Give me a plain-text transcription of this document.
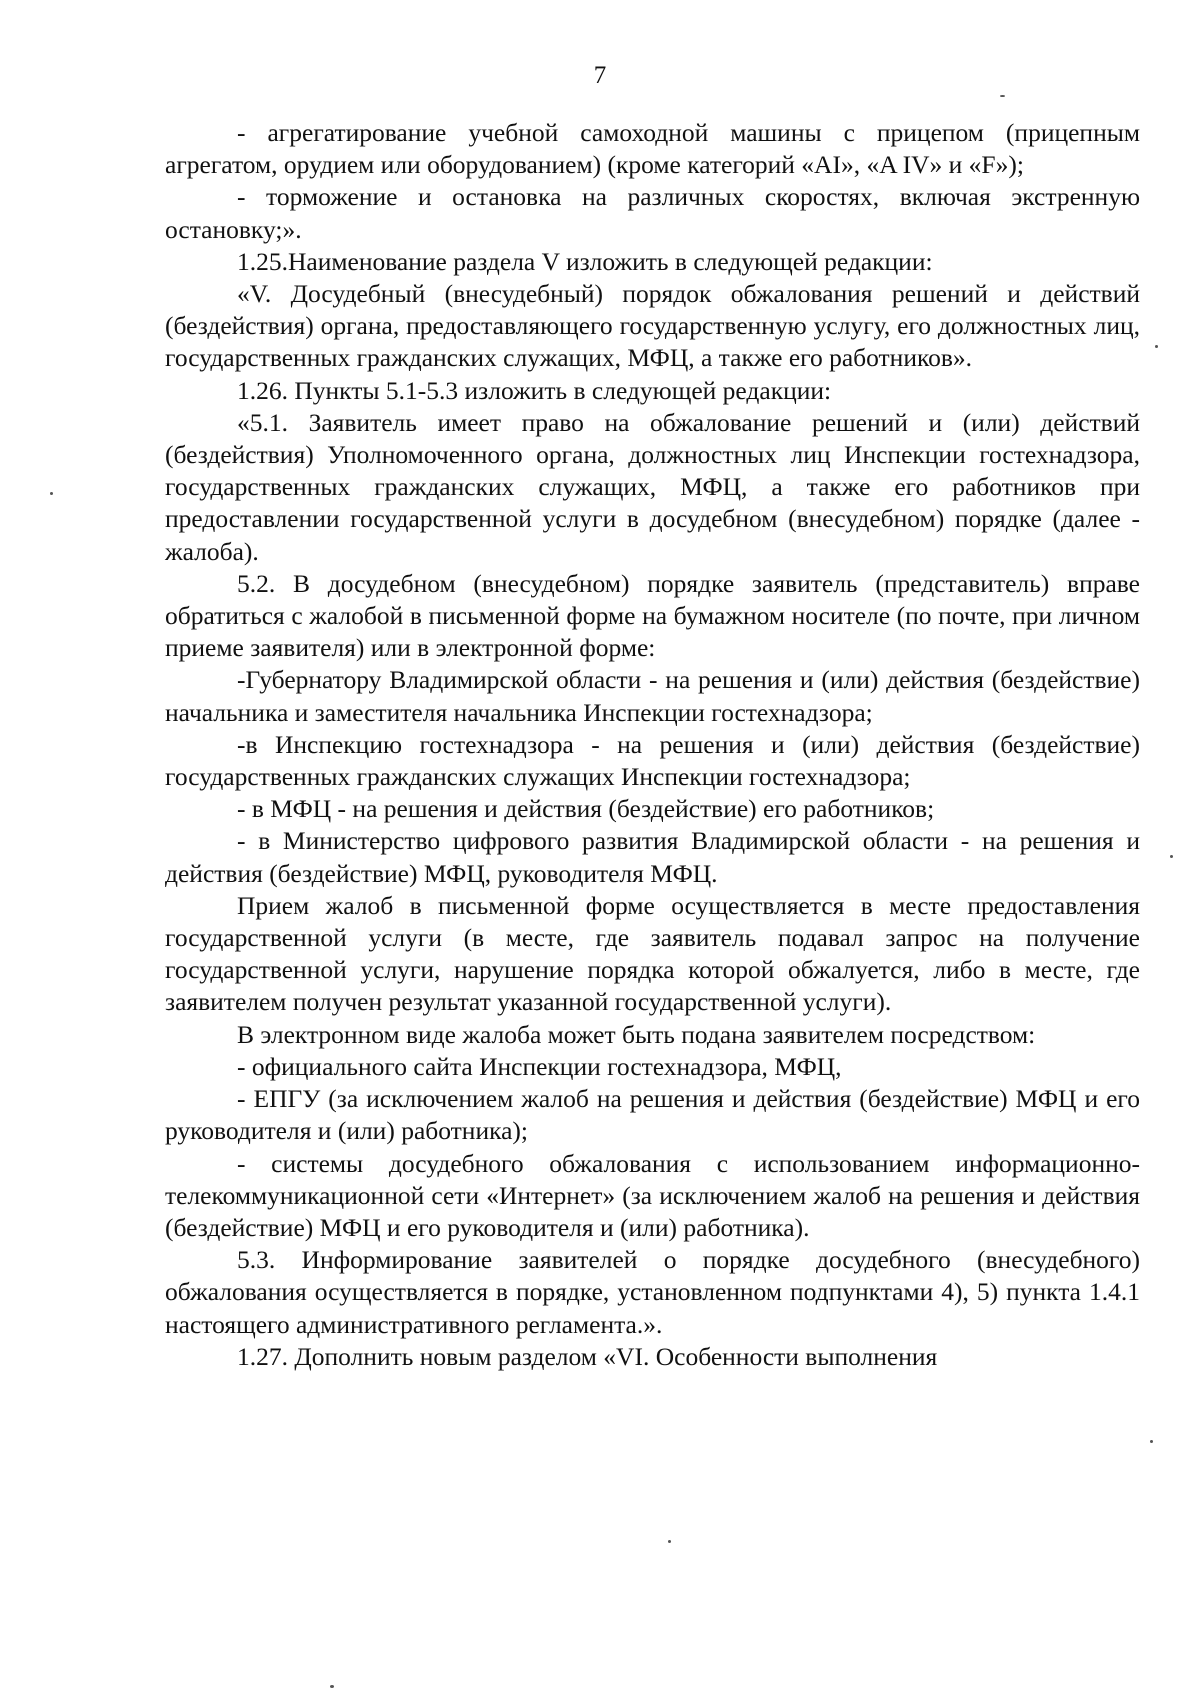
7

- агрегатирование учебной самоходной машины с прицепом (прицепным агрегатом, орудием или оборудованием) (кроме категорий «AI», «A IV» и «F»);

- торможение и остановка на различных скоростях, включая экстренную остановку;».

1.25.Наименование раздела V изложить в следующей редакции:

«V. Досудебный (внесудебный) порядок обжалования решений и действий (бездействия) органа, предоставляющего государственную услугу, его должностных лиц, государственных гражданских служащих, МФЦ, а также его работников».

1.26. Пункты 5.1-5.3 изложить в следующей редакции:

«5.1. Заявитель имеет право на обжалование решений и (или) действий (бездействия) Уполномоченного органа, должностных лиц Инспекции гостехнадзора, государственных гражданских служащих, МФЦ, а также его работников при предоставлении государственной услуги в досудебном (внесудебном) порядке (далее - жалоба).

5.2. В досудебном (внесудебном) порядке заявитель (представитель) вправе обратиться с жалобой в письменной форме на бумажном носителе (по почте, при личном приеме заявителя) или в электронной форме:

-Губернатору Владимирской области - на решения и (или) действия (бездействие) начальника и заместителя начальника Инспекции гостехнадзора;

-в Инспекцию гостехнадзора - на решения и (или) действия (бездействие) государственных гражданских служащих Инспекции гостехнадзора;

- в МФЦ - на решения и действия (бездействие) его работников;

- в Министерство цифрового развития Владимирской области - на решения и действия (бездействие) МФЦ, руководителя МФЦ.

Прием жалоб в письменной форме осуществляется в месте предоставления государственной услуги (в месте, где заявитель подавал запрос на получение государственной услуги, нарушение порядка которой обжалуется, либо в месте, где заявителем получен результат указанной государственной услуги).

В электронном виде жалоба может быть подана заявителем посредством:

- официального сайта Инспекции гостехнадзора, МФЦ,

- ЕПГУ (за исключением жалоб на решения и действия (бездействие) МФЦ и его руководителя и (или) работника);

- системы досудебного обжалования с использованием информационно-телекоммуникационной сети «Интернет» (за исключением жалоб на решения и действия (бездействие) МФЦ и его руководителя и (или) работника).

5.3. Информирование заявителей о порядке досудебного (внесудебного) обжалования осуществляется в порядке, установленном подпунктами 4), 5) пункта 1.4.1 настоящего административного регламента.».

1.27. Дополнить новым разделом «VI. Особенности выполнения
